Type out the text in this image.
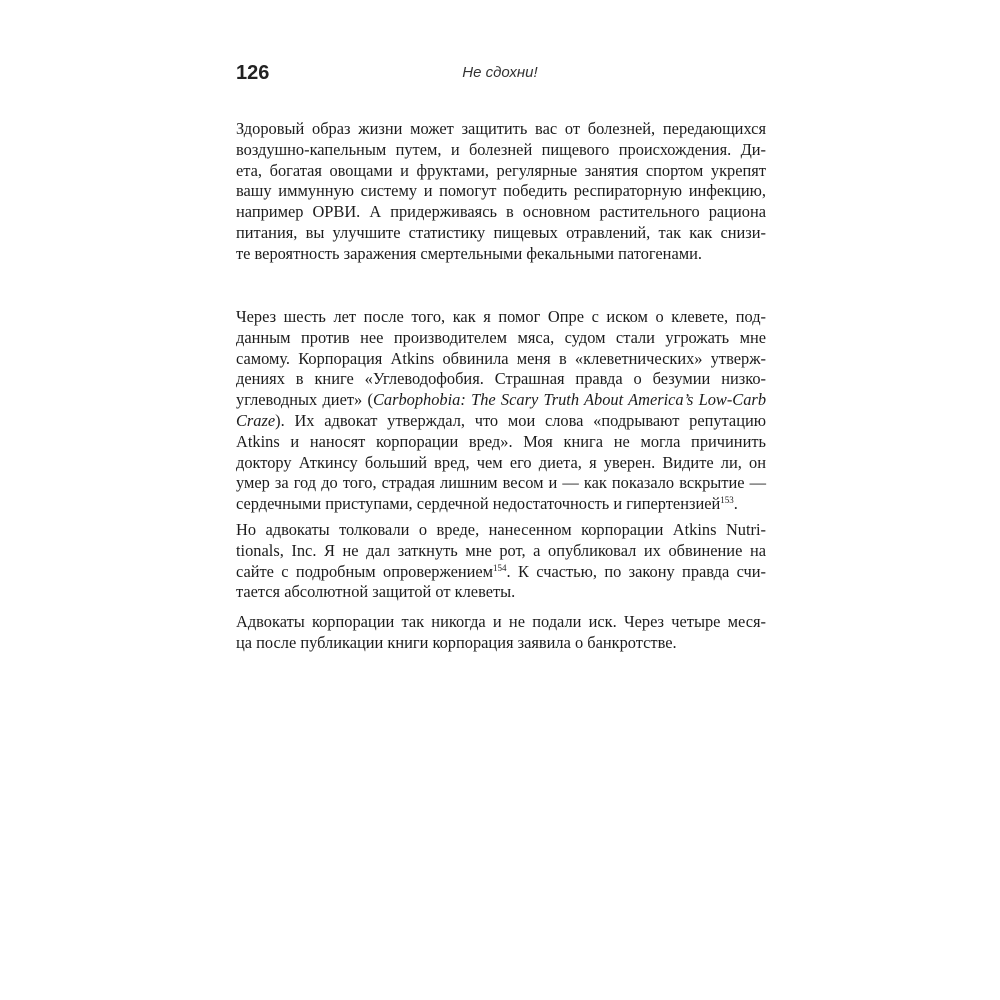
126	Не сдохни!
Здоровый образ жизни может защитить вас от болезней, передающихся
воздушно-капельным путем, и болезней пищевого происхождения. Ди-
ета, богатая овощами и фруктами, регулярные занятия спортом укрепят
вашу иммунную систему и помогут победить респираторную инфекцию,
например ОРВИ. А придерживаясь в основном растительного рациона
питания, вы улучшите статистику пищевых отравлений, так как снизи-
те вероятность заражения смертельными фекальными патогенами.
Через шесть лет после того, как я помог Опре с иском о клевете, под-
данным против нее производителем мяса, судом стали угрожать мне
самому. Корпорация Atkins обвинила меня в «клеветнических» утверж-
дениях в книге «Углеводофобия. Страшная правда о безумии низко-
углеводных диет» (Carbophobia: The Scary Truth About America’s Low-Carb
Craze). Их адвокат утверждал, что мои слова «подрывают репутацию
Atkins и наносят корпорации вред». Моя книга не могла причинить
доктору Аткинсу больший вред, чем его диета, я уверен. Видите ли, он
умер за год до того, страдая лишним весом и — как показало вскрытие —
сердечными приступами, сердечной недостаточность и гипертензией$^{153}$.
Но адвокаты толковали о вреде, нанесенном корпорации Atkins Nutri-
tionals, Inc. Я не дал заткнуть мне рот, а опубликовал их обвинение на
сайте с подробным опровержением$^{154}$. К счастью, по закону правда счи-
тается абсолютной защитой от клеветы.
Адвокаты корпорации так никогда и не подали иск. Через четыре меся-
ца после публикации книги корпорация заявила о банкротстве.
